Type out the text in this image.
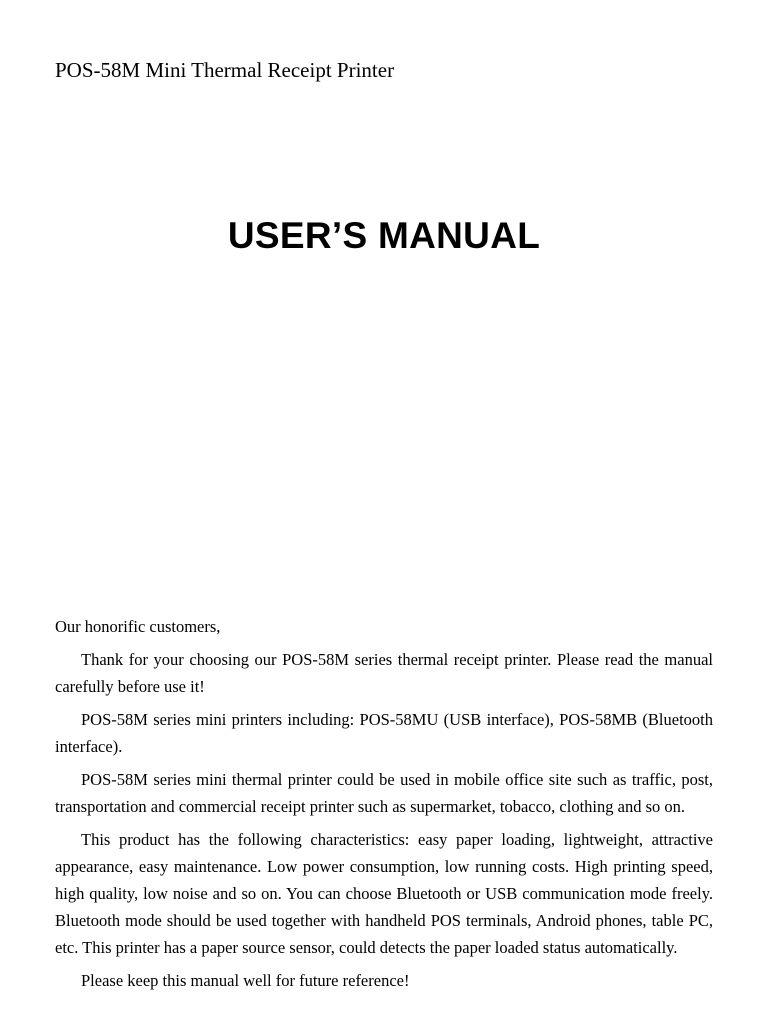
POS-58M Mini Thermal Receipt Printer
USER’S MANUAL

Our honorific customers,

Thank for your choosing our POS-58M series thermal receipt printer. Please read the manual carefully before use it!

POS-58M series mini printers including: POS-58MU (USB interface), POS-58MB (Bluetooth interface).

POS-58M series mini thermal printer could be used in mobile office site such as traffic, post, transportation and commercial receipt printer such as supermarket, tobacco, clothing and so on.

This product has the following characteristics: easy paper loading, lightweight, attractive appearance, easy maintenance. Low power consumption, low running costs. High printing speed, high quality, low noise and so on. You can choose Bluetooth or USB communication mode freely. Bluetooth mode should be used together with handheld POS terminals, Android phones, table PC, etc. This printer has a paper source sensor, could detects the paper loaded status automatically.

Please keep this manual well for future reference!
